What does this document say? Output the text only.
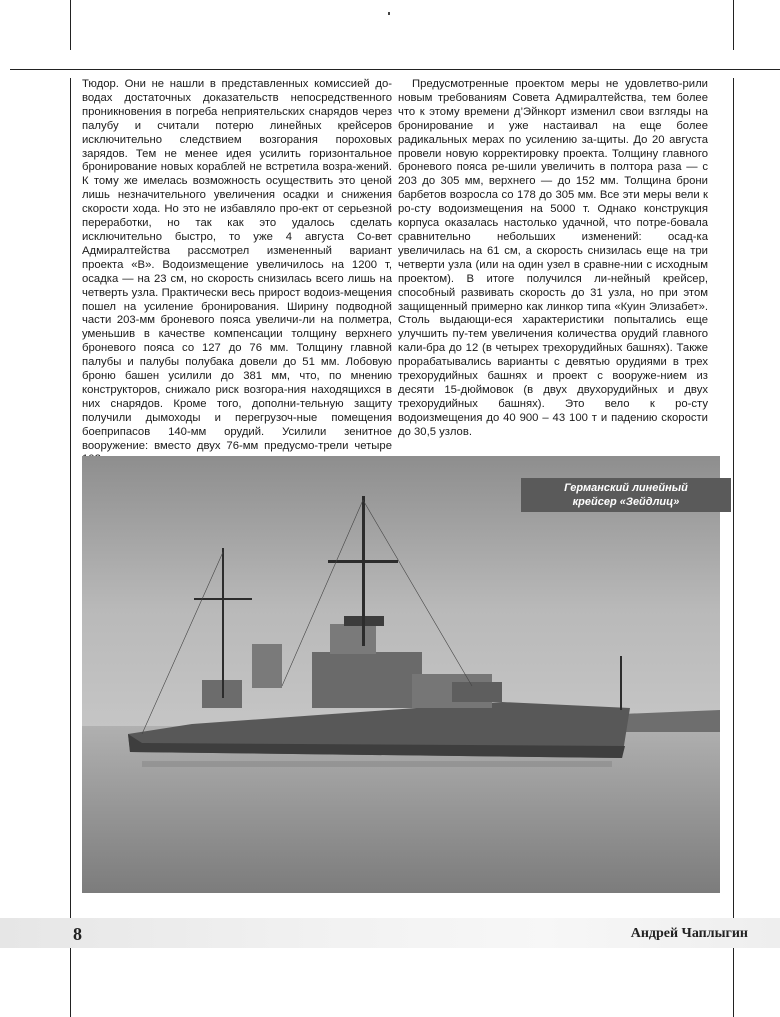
Тюдор. Они не нашли в представленных комиссией до-водах достаточных доказательств непосредственного проникновения в погреба неприятельских снарядов через палубу и считали потерю линейных крейсеров исключительно следствием возгорания пороховых зарядов. Тем не менее идея усилить горизонтальное бронирование новых кораблей не встретила возра-жений. К тому же имелась возможность осуществить это ценой лишь незначительного увеличения осадки и снижения скорости хода. Но это не избавляло про-ект от серьезной переработки, но так как это удалось сделать исключительно быстро, то уже 4 августа Со-вет Адмиралтейства рассмотрел измененный вариант проекта «В». Водоизмещение увеличилось на 1200 т, осадка — на 23 см, но скорость снизилась всего лишь на четверть узла. Практически весь прирост водоиз-мещения пошел на усиление бронирования. Ширину подводной части 203-мм броневого пояса увеличи-ли на полметра, уменьшив в качестве компенсации толщину верхнего броневого пояса со 127 до 76 мм. Толщину главной палубы и палубы полубака довели до 51 мм. Лобовую броню башен усилили до 381 мм, что, по мнению конструкторов, снижало риск возгора-ния находящихся в них снарядов. Кроме того, дополни-тельную защиту получили дымоходы и перегрузоч-ные помещения боеприпасов 140-мм орудий. Усилили зенитное вооружение: вместо двух 76-мм предусмо-трели четыре

Предусмотренные проектом меры не удовлетво-рили новым требованиям Совета Адмиралтейства, тем более что к этому времени д’Эйнкорт изменил свои взгляды на бронирование и уже настаивал на еще более радикальных мерах по усилению за-щиты. До 20 августа провели новую корректировку проекта. Толщину главного броневого пояса ре-шили увеличить в полтора раза — с 203 до 305 мм, верхнего — до 152 мм. Толщина брони барбетов возросла со 178 до 305 мм. Все эти меры вели к ро-сту водоизмещения на 5000 т. Однако конструкция корпуса оказалась настолько удачной, что потре-бовала сравнительно небольших изменений: осад-ка увеличилась на 61 см, а скорость снизилась еще на три четверти узла (или на один узел в сравне-нии с исходным проектом). В итоге получился ли-нейный крейсер, способный развивать скорость до 31 узла, но при этом защищенный примерно как линкор типа «Куин Элизабет». Столь выдающи-еся характеристики попытались еще улучшить пу-тем увеличения количества орудий главного кали-бра до 12 (в четырех трехорудийных башнях). Также прорабатывались варианты с девятью орудиями в трех трехорудийных башнях и проект с вооруже-нием из десяти 15-дюймовок (в двух двухорудийных и двух трехорудийных башнях). Это вело к ро-сту водоизмещения до 40 900 – 43 100 т и падению скорости до 30,5 узлов.

Германский линейный
крейсер «Зейдлиц»
8	Андрей Чаплыгин
